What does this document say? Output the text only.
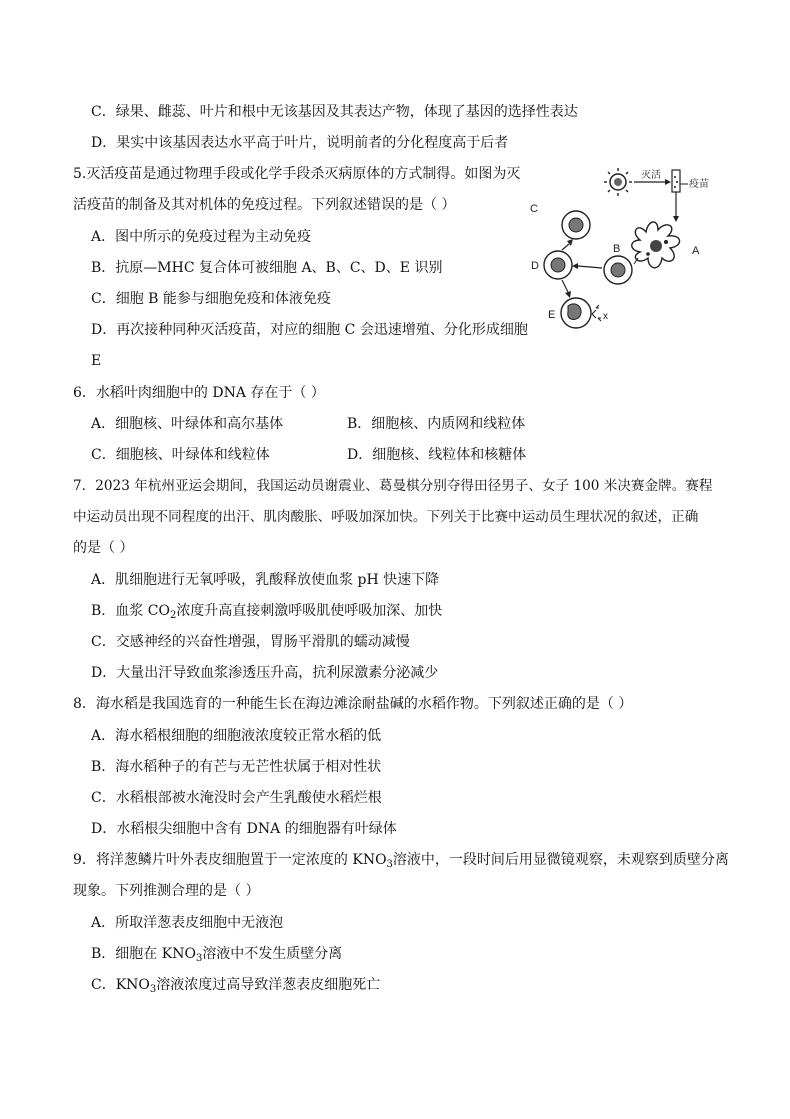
C．绿果、雌蕊、叶片和根中无该基因及其表达产物，体现了基因的选择性表达
D．果实中该基因表达水平高于叶片，说明前者的分化程度高于后者
5.灭活疫苗是通过物理手段或化学手段杀灭病原体的方式制得。如图为灭
活疫苗的制备及其对机体的免疫过程。下列叙述错误的是（ ）
A．图中所示的免疫过程为主动免疫
B．抗原—MHC 复合体可被细胞 A、B、C、D、E 识别
C．细胞 B 能参与细胞免疫和体液免疫
D．再次接种同种灭活疫苗，对应的细胞 C 会迅速增殖、分化形成细胞
E
灭活
疫苗
A
B
D
C
E	x
6．水稻叶肉细胞中的 DNA 存在于（ ）
A．细胞核、叶绿体和高尔基体	B．细胞核、内质网和线粒体
C．细胞核、叶绿体和线粒体	D．细胞核、线粒体和核糖体
7．2023 年杭州亚运会期间，我国运动员谢震业、葛曼棋分别夺得田径男子、女子 100 米决赛金牌。赛程
中运动员出现不同程度的出汗、肌肉酸胀、呼吸加深加快。下列关于比赛中运动员生理状况的叙述，正确
的是（ ）
A．肌细胞进行无氧呼吸，乳酸释放使血浆 pH 快速下降
B．血浆 $CO_2$浓度升高直接刺激呼吸肌使呼吸加深、加快
C．交感神经的兴奋性增强，胃肠平滑肌的蠕动减慢
D．大量出汗导致血浆渗透压升高，抗利尿激素分泌减少
8．海水稻是我国选育的一种能生长在海边滩涂耐盐碱的水稻作物。下列叙述正确的是（ ）
A．海水稻根细胞的细胞液浓度较正常水稻的低
B．海水稻种子的有芒与无芒性状属于相对性状
C．水稻根部被水淹没时会产生乳酸使水稻烂根
D．水稻根尖细胞中含有 DNA 的细胞器有叶绿体
9．将洋葱鳞片叶外表皮细胞置于一定浓度的 $KNO_3$溶液中，一段时间后用显微镜观察，未观察到质壁分离
现象。下列推测合理的是（ ）
A．所取洋葱表皮细胞中无液泡
B．细胞在 $KNO_3$溶液中不发生质壁分离
C．$KNO_3$溶液浓度过高导致洋葱表皮细胞死亡
